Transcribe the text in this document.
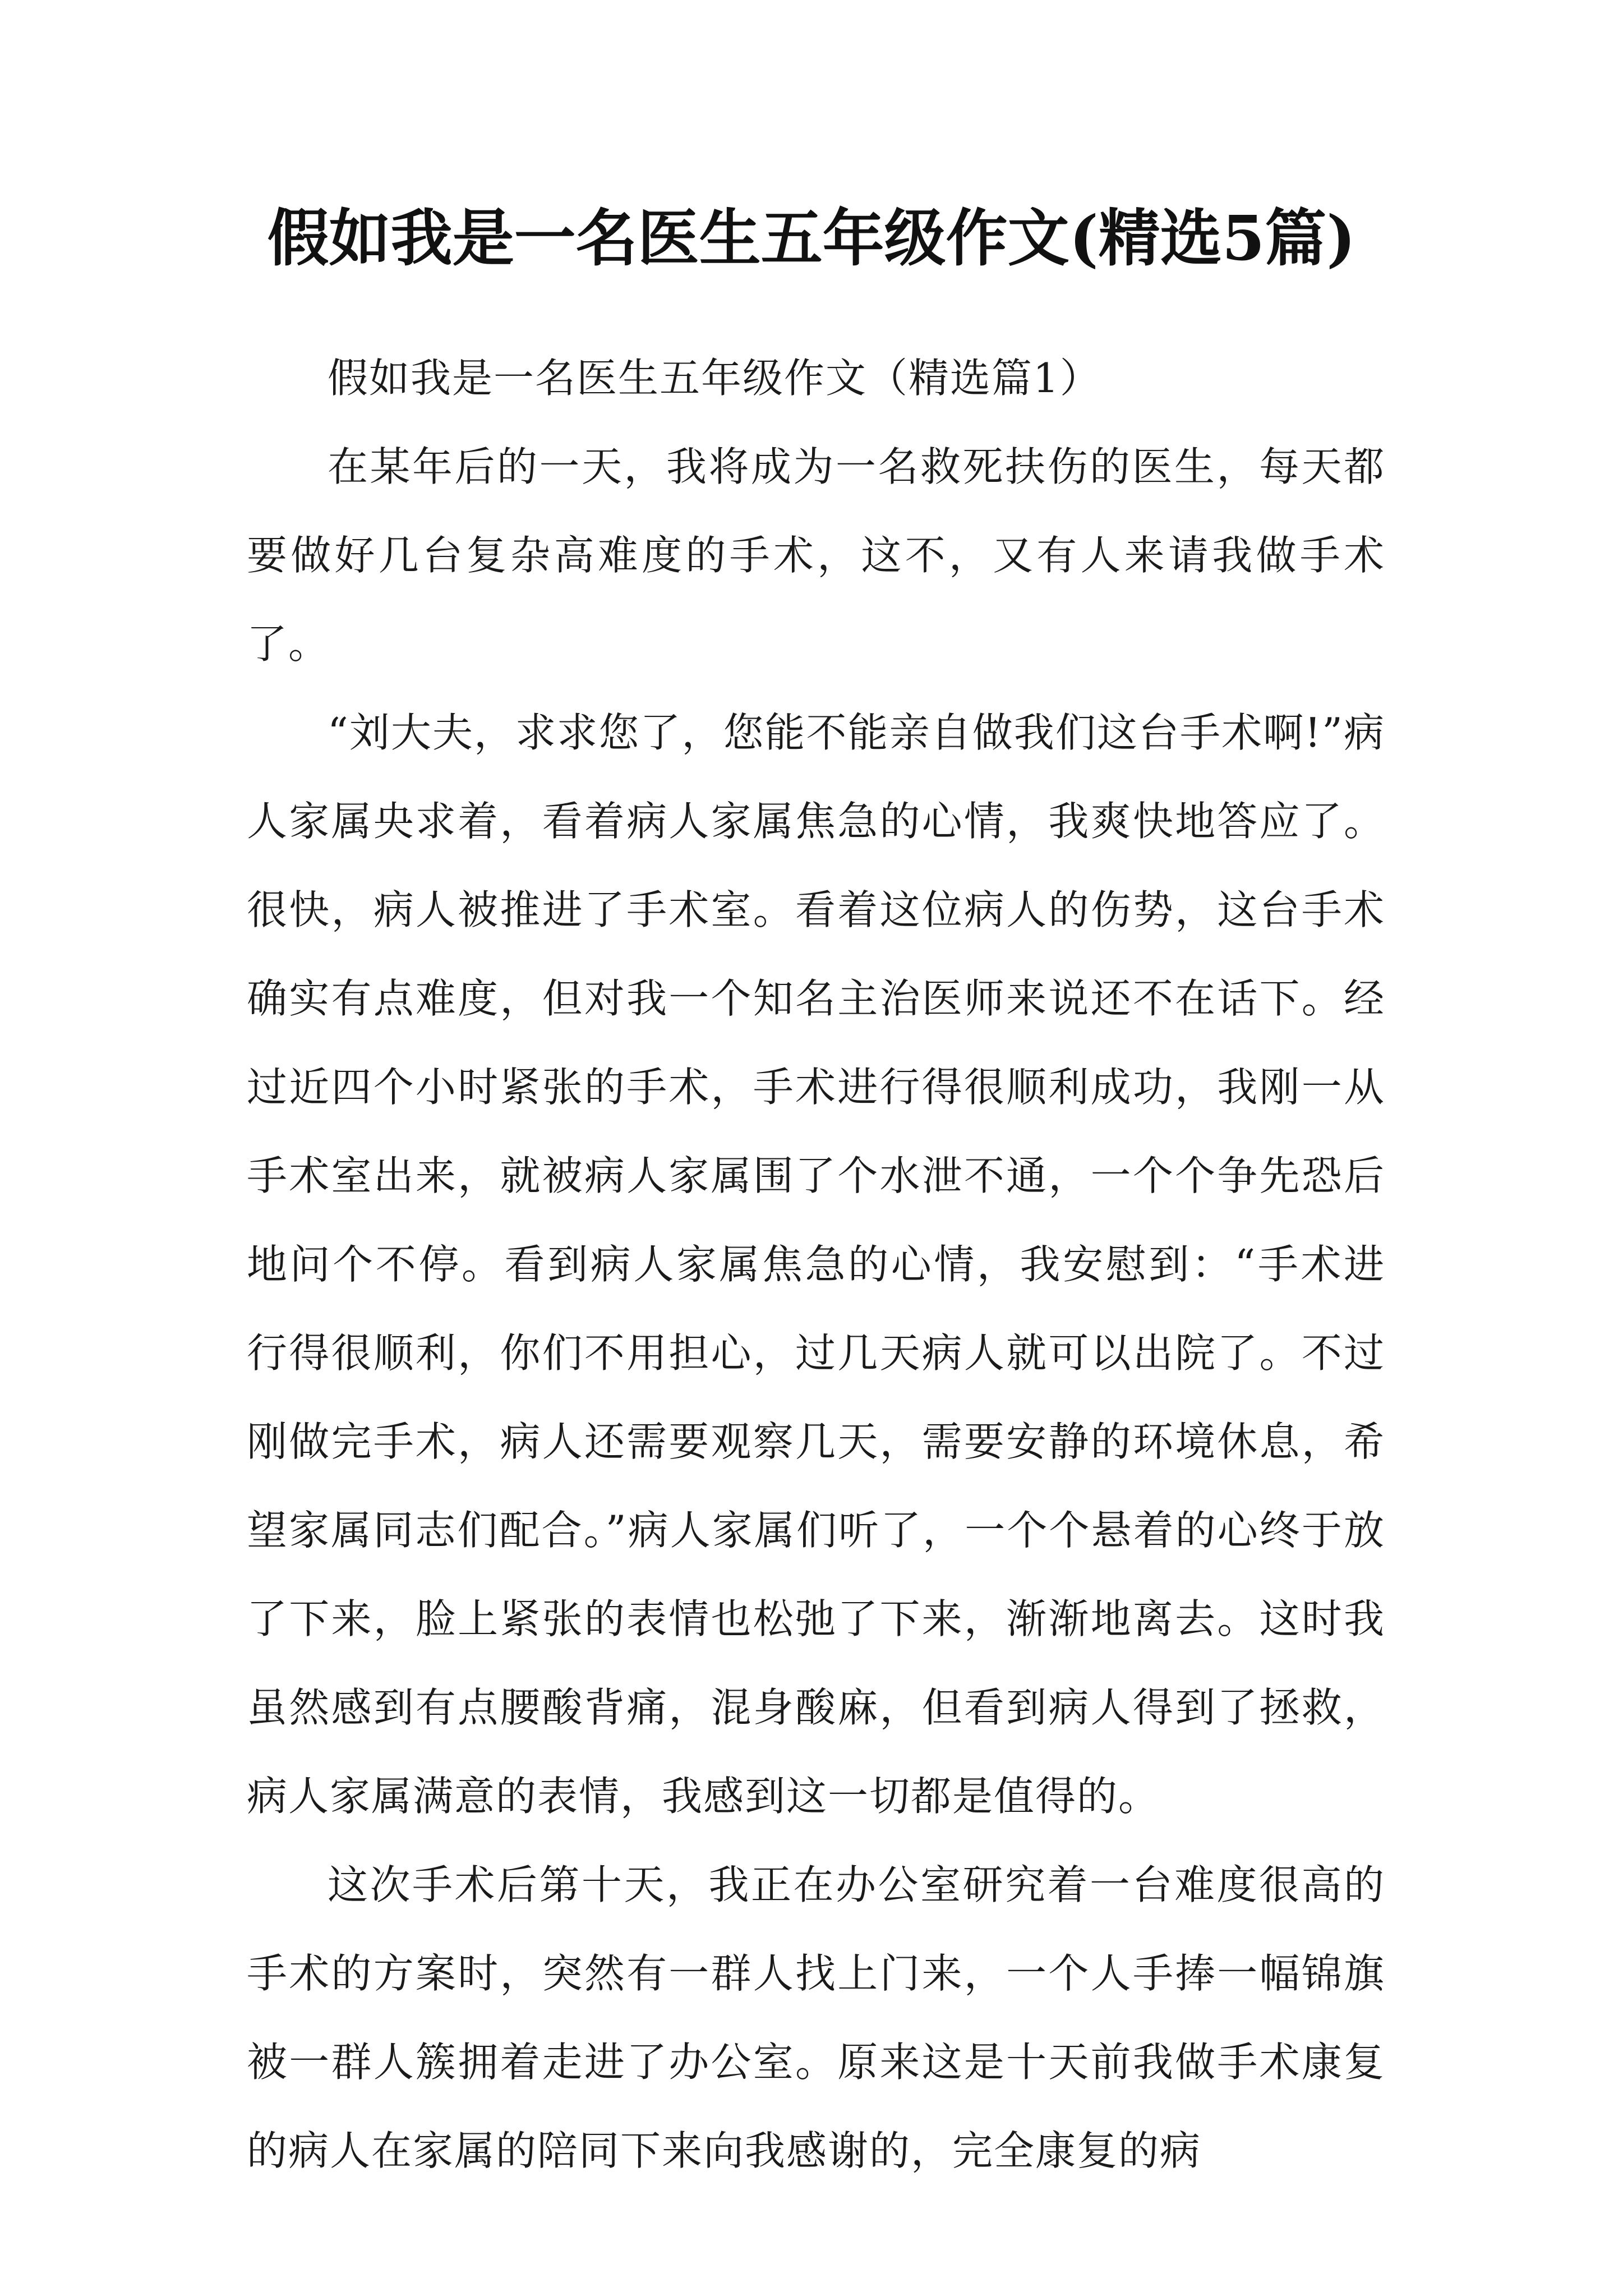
假如我是一名医生五年级作文(精选5篇)

假如我是一名医生五年级作文（精选篇1）

在某年后的一天，我将成为一名救死扶伤的医生，每天都要做好几台复杂高难度的手术，这不，又有人来请我做手术了。

“刘大夫，求求您了，您能不能亲自做我们这台手术啊!”病人家属央求着，看着病人家属焦急的心情，我爽快地答应了。很快，病人被推进了手术室。看着这位病人的伤势，这台手术确实有点难度，但对我一个知名主治医师来说还不在话下。经过近四个小时紧张的手术，手术进行得很顺利成功，我刚一从手术室出来，就被病人家属围了个水泄不通，一个个争先恐后地问个不停。看到病人家属焦急的心情，我安慰到：“手术进行得很顺利，你们不用担心，过几天病人就可以出院了。不过刚做完手术，病人还需要观察几天，需要安静的环境休息，希望家属同志们配合。”病人家属们听了，一个个悬着的心终于放了下来，脸上紧张的表情也松弛了下来，渐渐地离去。这时我虽然感到有点腰酸背痛，混身酸麻，但看到病人得到了拯救，病人家属满意的表情，我感到这一切都是值得的。

这次手术后第十天，我正在办公室研究着一台难度很高的手术的方案时，突然有一群人找上门来，一个人手捧一幅锦旗被一群人簇拥着走进了办公室。原来这是十天前我做手术康复的病人在家属的陪同下来向我感谢的，完全康复的病
